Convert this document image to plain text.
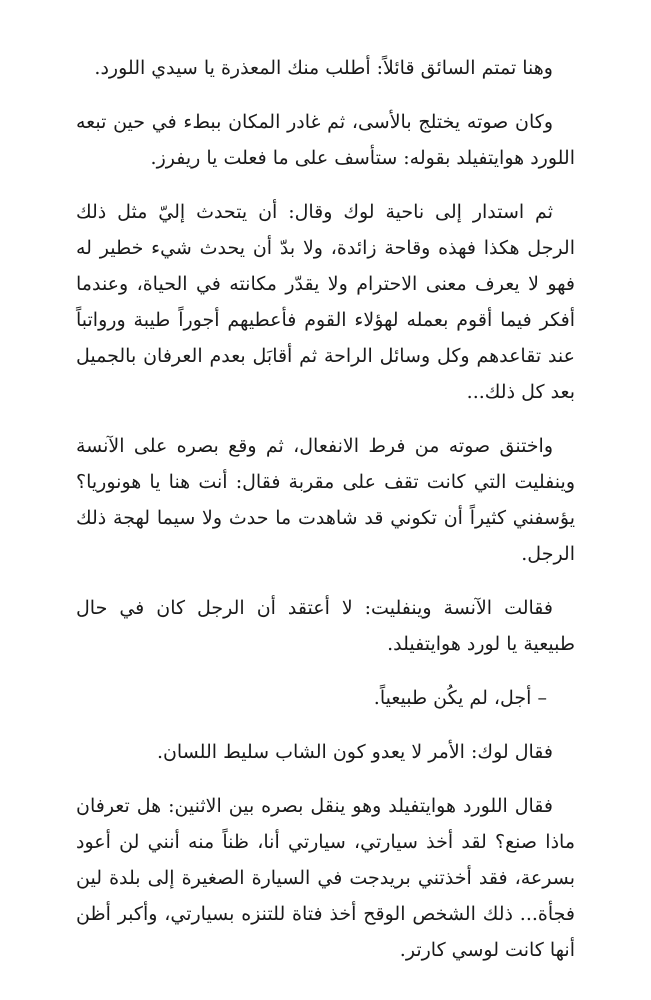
وهنا تمتم السائق قائلاً: أطلب منك المعذرة يا سيدي اللورد.

وكان صوته يختلج بالأسى، ثم غادر المكان ببطء في حين تبعه اللورد هوايتفيلد بقوله: ستأسف على ما فعلت يا ريفرز.

ثم استدار إلى ناحية لوك وقال: أن يتحدث إليّ مثل ذلك الرجل هكذا فهذه وقاحة زائدة، ولا بدّ أن يحدث شيء خطير له فهو لا يعرف معنى الاحترام ولا يقدّر مكانته في الحياة، وعندما أفكر فيما أقوم بعمله لهؤلاء القوم فأعطيهم أجوراً طيبة ورواتباً عند تقاعدهم وكل وسائل الراحة ثم أقابَل بعدم العرفان بالجميل بعد كل ذلك...

واختنق صوته من فرط الانفعال، ثم وقع بصره على الآنسة وينفليت التي كانت تقف على مقربة فقال: أنت هنا يا هونوريا؟ يؤسفني كثيراً أن تكوني قد شاهدت ما حدث ولا سيما لهجة ذلك الرجل.

فقالت الآنسة وينفليت: لا أعتقد أن الرجل كان في حال طبيعية يا لورد هوايتفيلد.

– أجل، لم يكُن طبيعياً.

فقال لوك: الأمر لا يعدو كون الشاب سليط اللسان.

فقال اللورد هوايتفيلد وهو ينقل بصره بين الاثنين: هل تعرفان ماذا صنع؟ لقد أخذ سيارتي، سيارتي أنا، ظناً منه أنني لن أعود بسرعة، فقد أخذتني بريدجت في السيارة الصغيرة إلى بلدة لين فجأة... ذلك الشخص الوقح أخذ فتاة للتنزه بسيارتي، وأكبر أظن أنها كانت لوسي كارتر.
